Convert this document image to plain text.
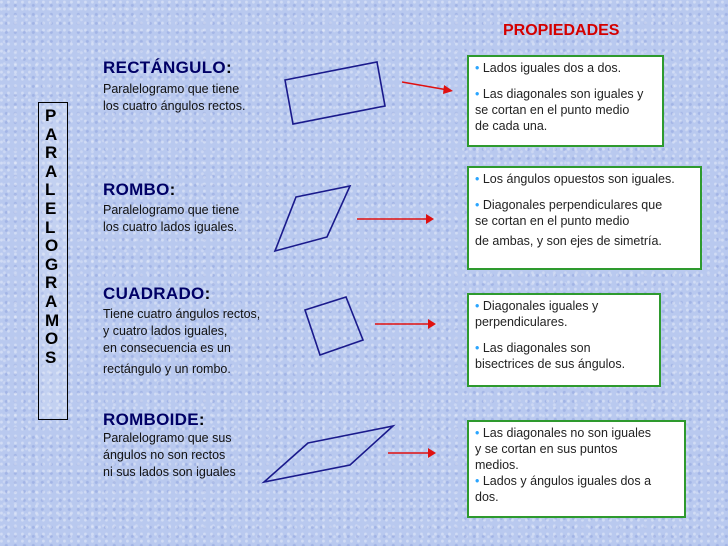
PROPIEDADES
P
A
R
A
L
E
L
O
G
R
A
M
O
S
RECTÁNGULO:
Paralelogramo que tiene
los cuatro ángulos rectos.
ROMBO:
Paralelogramo que tiene
los cuatro lados iguales.
CUADRADO:
Tiene cuatro ángulos rectos,
y cuatro lados iguales,
en consecuencia es un
rectángulo y un rombo.
ROMBOIDE:
Paralelogramo que sus
ángulos no son rectos
ni sus lados son iguales
• Lados iguales dos a dos.
• Las diagonales son iguales y
se cortan en el punto medio
de cada una.
• Los ángulos opuestos son iguales.
• Diagonales perpendiculares que
se cortan en el punto medio
de ambas, y son ejes de simetría.
• Diagonales iguales y
perpendiculares.
• Las diagonales son
bisectrices de sus ángulos.
• Las diagonales no son iguales
y se cortan en sus puntos
medios.
• Lados y ángulos iguales dos a
dos.
